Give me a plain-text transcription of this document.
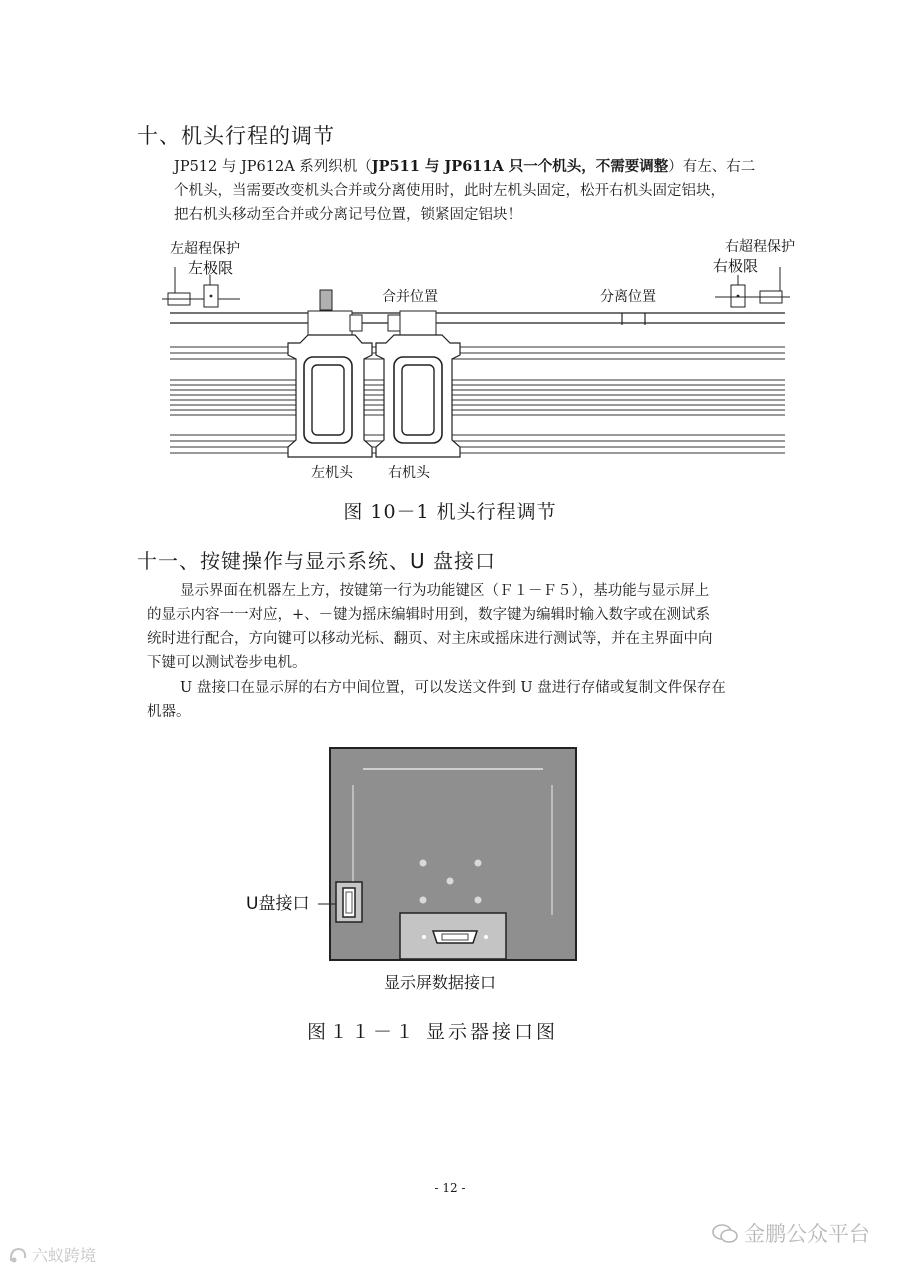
十、机头行程的调节
JP512 与 JP612A 系列织机（JP511 与 JP611A 只一个机头，不需要调整）有左、右二
个机头，当需要改变机头合并或分离使用时，此时左机头固定，松开右机头固定铝块，
把右机头移动至合并或分离记号位置，锁紧固定铝块！
左超程保护
左极限
合并位置	分离位置
右超程保护
右极限
左机头	右机头
图 10－1 机头行程调节
十一、按键操作与显示系统、U 盘接口
显示界面在机器左上方，按键第一行为功能键区（Ｆ１－Ｆ５），基功能与显示屏上
的显示内容一一对应，+、－键为摇床编辑时用到，数字键为编辑时输入数字或在测试系
统时进行配合，方向键可以移动光标、翻页、对主床或摇床进行测试等，并在主界面中向
下键可以测试卷步电机。
U 盘接口在显示屏的右方中间位置，可以发送文件到 U 盘进行存储或复制文件保存在
机器。
U盘接口
显示屏数据接口
图１１－１ 显示器接口图
- 12 -
金鹏公众平台
六蚁跨境
